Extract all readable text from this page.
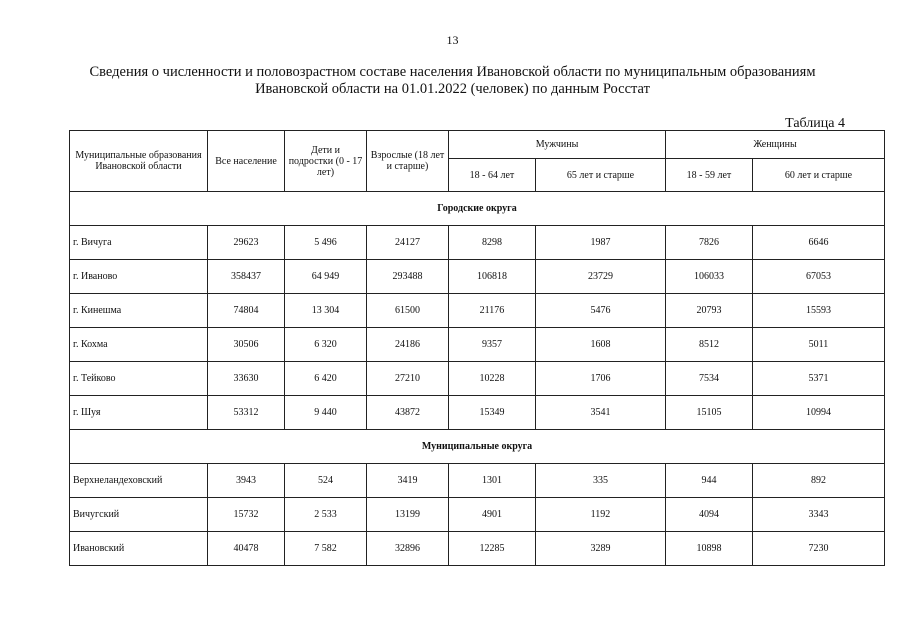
13
Сведения о численности и половозрастном составе населения Ивановской области по муниципальным образованиям
Ивановской области на 01.01.2022 (человек) по данным Росстат
Таблица 4
Муниципальные образования Ивановской области	Все население	Дети и подростки (0 - 17 лет)	Взрослые (18 лет и старше)	Мужчины		Женщины	
				18 - 64 лет	65 лет и старше	18 - 59 лет	60 лет и старше
Городские округа							
г. Вичуга	29623	5 496	24127	8298	1987	7826	6646
г. Иваново	358437	64 949	293488	106818	23729	106033	67053
г. Кинешма	74804	13 304	61500	21176	5476	20793	15593
г. Кохма	30506	6 320	24186	9357	1608	8512	5011
г. Тейково	33630	6 420	27210	10228	1706	7534	5371
г. Шуя	53312	9 440	43872	15349	3541	15105	10994
Муниципальные округа							
Верхнеландеховский	3943	524	3419	1301	335	944	892
Вичугский	15732	2 533	13199	4901	1192	4094	3343
Ивановский	40478	7 582	32896	12285	3289	10898	7230
